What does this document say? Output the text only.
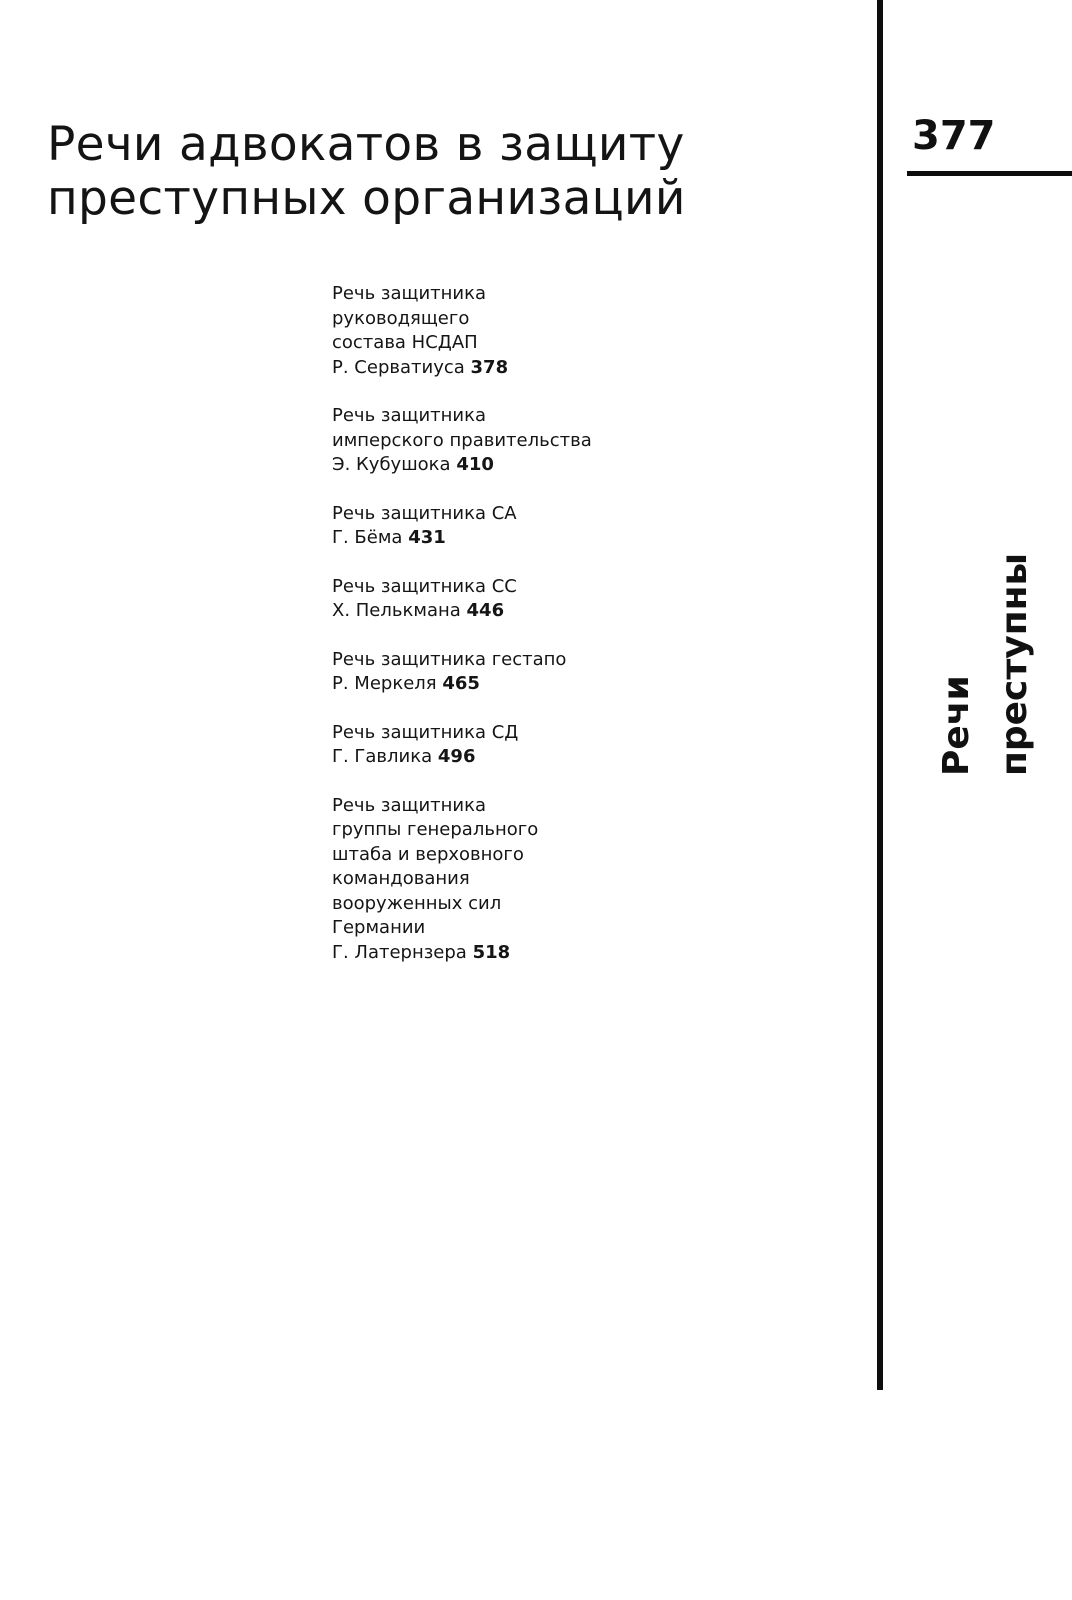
Речи адвокатов в защиту
преступных организаций
377
Речи преступны
Речь защитника
руководящего
состава НСДАП
Р. Серватиуса 378
Речь защитника
имперского правительства
Э. Кубушока 410
Речь защитника СА
Г. Бёма 431
Речь защитника СС
Х. Пелькмана 446
Речь защитника гестапо
Р. Меркеля 465
Речь защитника СД
Г. Гавлика 496
Речь защитника
группы генерального
штаба и верховного
командования
вооруженных сил
Германии
Г. Латернзера 518
